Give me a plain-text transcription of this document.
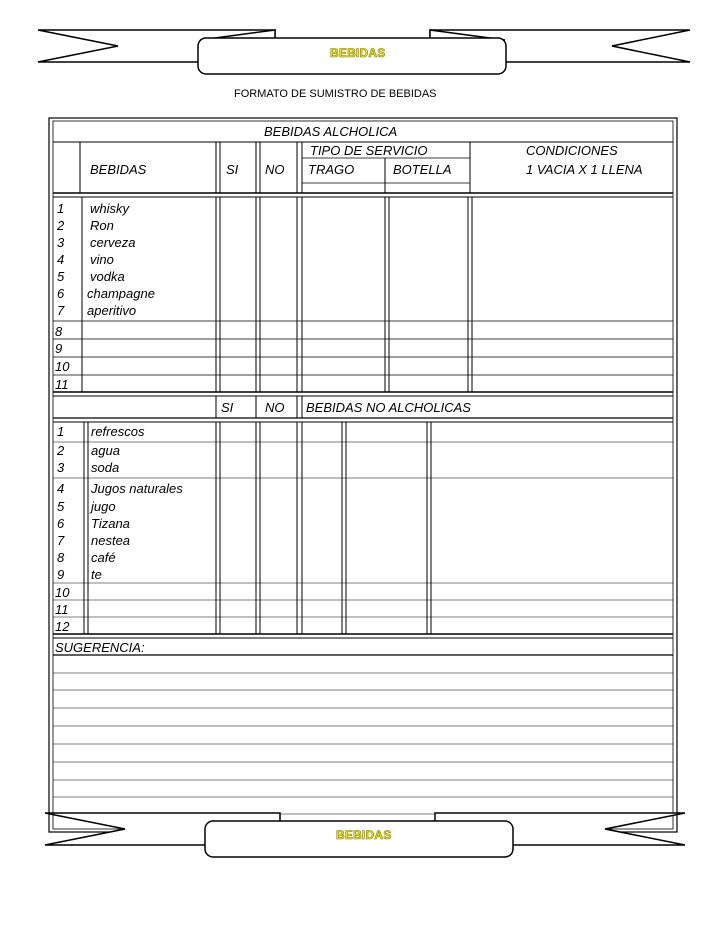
BEBIDAS
FORMATO DE SUMISTRO DE BEBIDAS
BEBIDAS
BEBIDAS ALCHOLICA
BEBIDAS	SI NO
TIPO DE SERVICIO
TRAGO	BOTELLA
CONDICIONES
1 VACIA X 1 LLENA
1 whisky
2 Ron
3 cerveza
4 vino
5 vodka
6 champagne
7 aperitivo
8
9
10
11
SI NO BEBIDAS NO ALCHOLICAS
1 refrescos
2 agua
3 soda
4 Jugos naturales
5 jugo
6 Tizana
7 nestea
8 café
9 te
10
11
12
SUGERENCIA:
